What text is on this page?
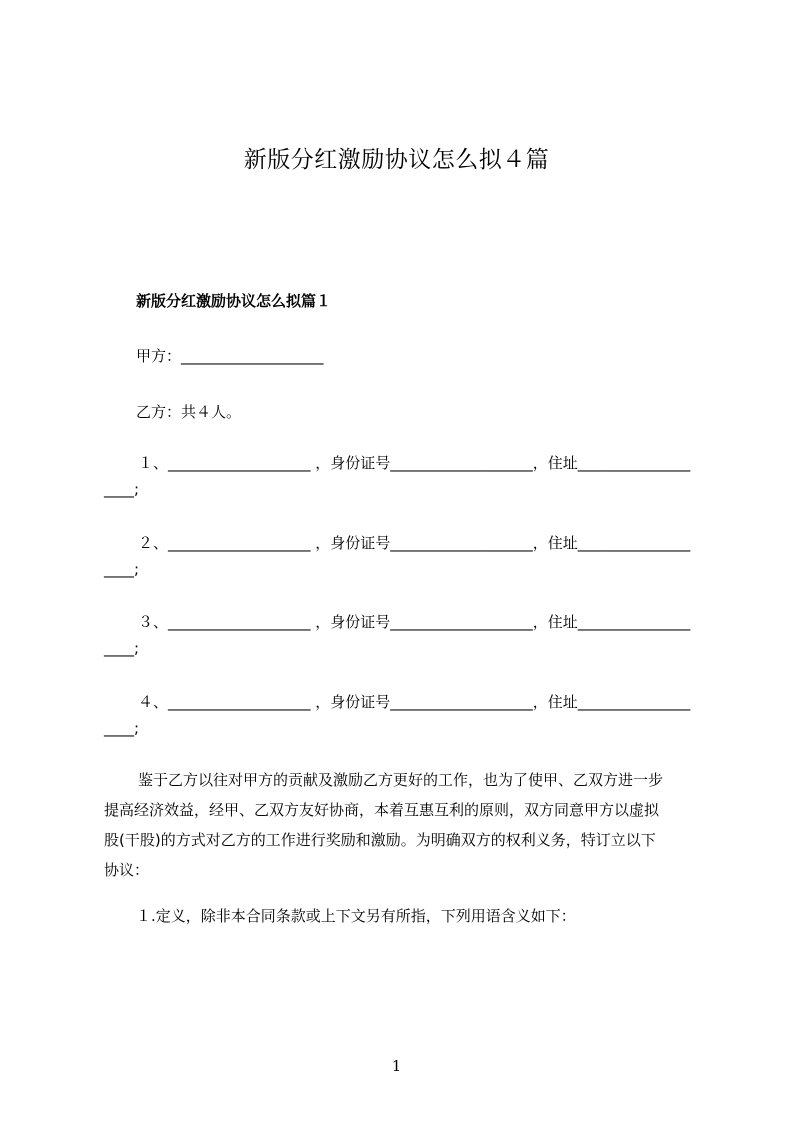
新版分红激励协议怎么拟４篇
新版分红激励协议怎么拟篇１
甲方：___________________
乙方：共４人。
１、___________________ ，身份证号___________________，住址_______________
____;
２、___________________ ，身份证号___________________，住址_______________
____;
３、___________________ ，身份证号___________________，住址_______________
____;
４、___________________ ，身份证号___________________，住址_______________
____;
鉴于乙方以往对甲方的贡献及激励乙方更好的工作，也为了使甲、乙双方进一步
提高经济效益，经甲、乙双方友好协商，本着互惠互利的原则，双方同意甲方以虚拟
股(干股)的方式对乙方的工作进行奖励和激励。为明确双方的权利义务，特订立以下
协议：
１.定义，除非本合同条款或上下文另有所指，下列用语含义如下：
1
